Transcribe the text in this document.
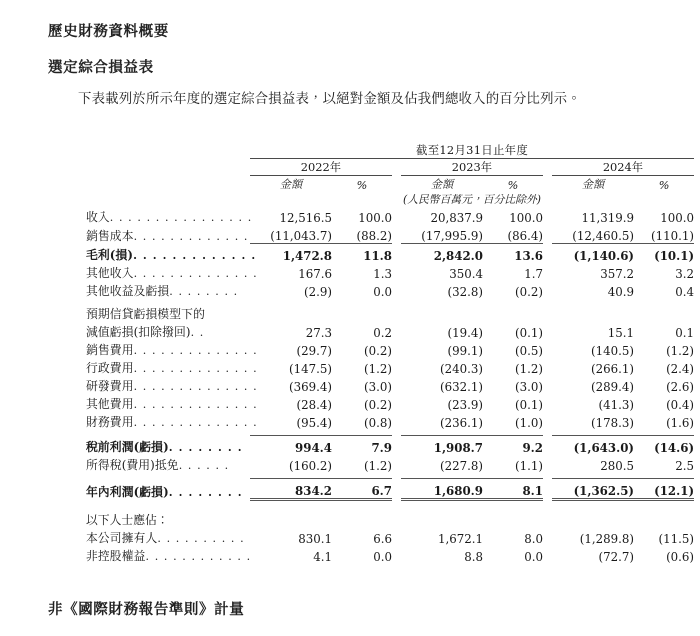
歷史財務資料概要
選定綜合損益表
下表載列於所示年度的選定綜合損益表，以絕對金額及佔我們總收入的百分比列示。
	截至12月31日止年度							
	2022年			2023年			2024年	
	金額	%		金額	%		金額	%
				(人民幣百萬元，百分比除外)				
收入. . . . . . . . . . . . . . . .	12,516.5	100.0		20,837.9	100.0		11,319.9	100.0
銷售成本. . . . . . . . . . . . .	(11,043.7)	(88.2)		(17,995.9)	(86.4)		(12,460.5)	(110.1)
毛利(損). . . . . . . . . . . . .	1,472.8	11.8		2,842.0	13.6		(1,140.6)	(10.1)
其他收入. . . . . . . . . . . . . .	167.6	1.3		350.4	1.7		357.2	3.2
其他收益及虧損. . . . . . . .	(2.9)	0.0		(32.8)	(0.2)		40.9	0.4

預期信貸虧損模型下的								
減值虧損(扣除撥回). .	27.3	0.2		(19.4)	(0.1)		15.1	0.1
銷售費用. . . . . . . . . . . . . .	(29.7)	(0.2)		(99.1)	(0.5)		(140.5)	(1.2)
行政費用. . . . . . . . . . . . . .	(147.5)	(1.2)		(240.3)	(1.2)		(266.1)	(2.4)
研發費用. . . . . . . . . . . . . .	(369.4)	(3.0)		(632.1)	(3.0)		(289.4)	(2.6)
其他費用. . . . . . . . . . . . . .	(28.4)	(0.2)		(23.9)	(0.1)		(41.3)	(0.4)
財務費用. . . . . . . . . . . . . .	(95.4)	(0.8)		(236.1)	(1.0)		(178.3)	(1.6)

稅前利潤(虧損). . . . . . . .	994.4	7.9		1,908.7	9.2		(1,643.0)	(14.6)
所得稅(費用)抵免. . . . . .	(160.2)	(1.2)		(227.8)	(1.1)		280.5	2.5

年內利潤(虧損). . . . . . . .	834.2	6.7		1,680.9	8.1		(1,362.5)	(12.1)

以下人士應佔：								
本公司擁有人. . . . . . . . . .	830.1	6.6		1,672.1	8.0		(1,289.8)	(11.5)
非控股權益. . . . . . . . . . . .	4.1	0.0		8.8	0.0		(72.7)	(0.6)
非《國際財務報告準則》計量
